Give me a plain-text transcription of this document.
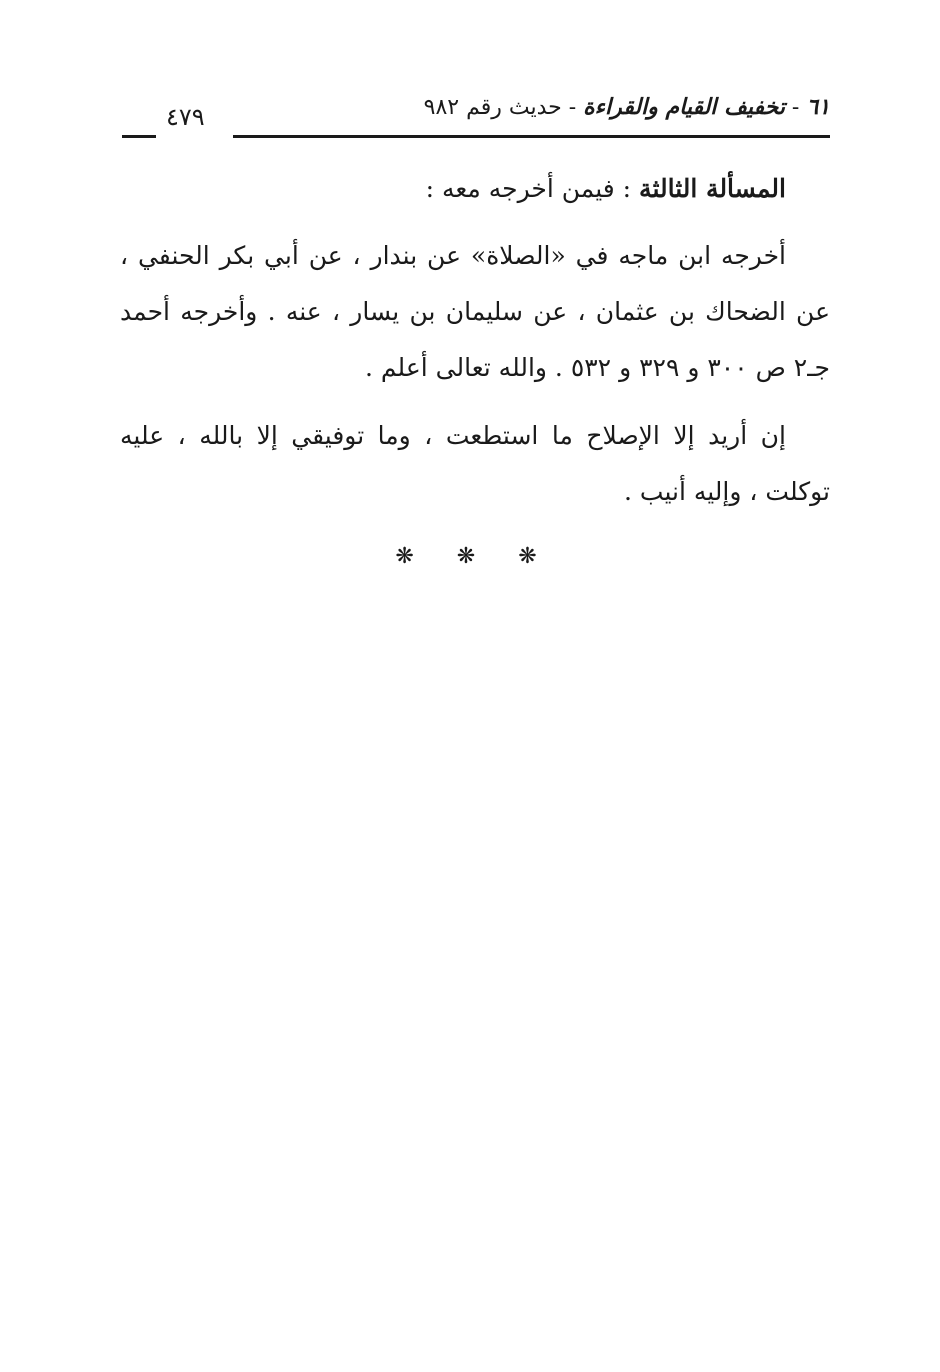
٦١ - تخفيف القيام والقراءة - حديث رقم ٩٨٢
٤٧٩

المسألة الثالثة : فيمن أخرجه معه :

أخرجه ابن ماجه في «الصلاة» عن بندار ، عن أبي بكر الحنفي ، عن الضحاك بن عثمان ، عن سليمان بن يسار ، عنه . وأخرجه أحمد جـ٢ ص ٣٠٠ و ٣٢٩ و ٥٣٢ . والله تعالى أعلم .

إن أريد إلا الإصلاح ما استطعت ، وما توفيقي إلا بالله ، عليه توكلت ، وإليه أنيب .

❋ ❋ ❋
